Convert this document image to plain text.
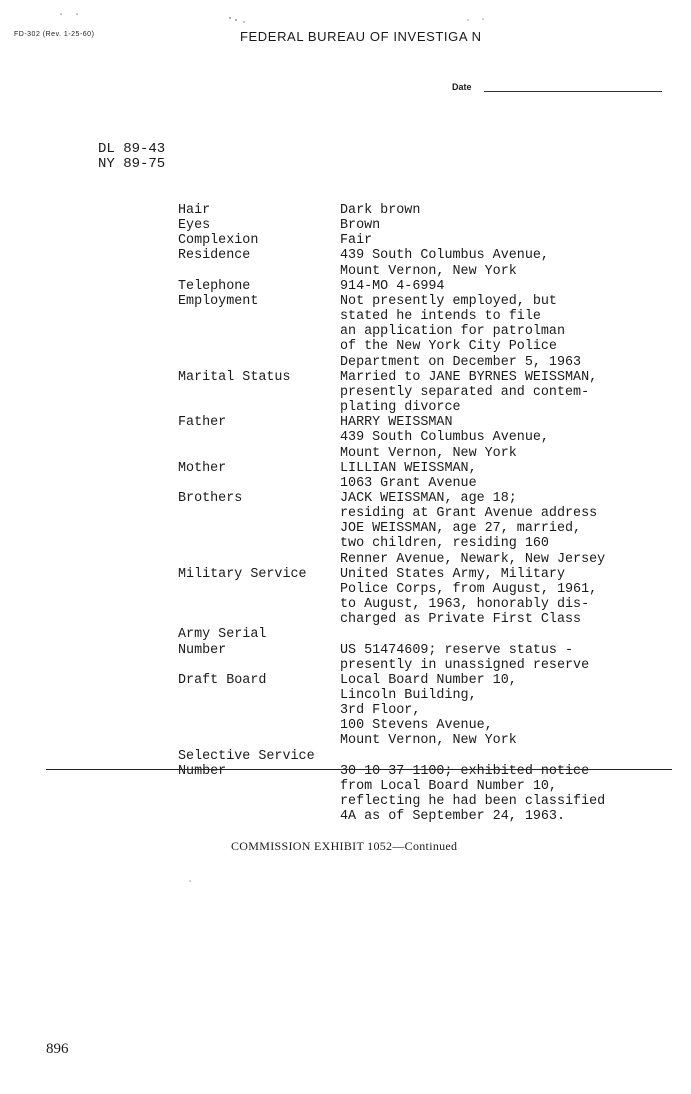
FD-302 (Rev. 1-25-60)	FEDERAL BUREAU OF INVESTIGA N
Date
DL 89-43
NY 89-75
Hair	Dark brown
Eyes	Brown
Complexion	Fair
Residence	439 South Columbus Avenue,
Mount Vernon, New York
Telephone	914-MO 4-6994
Employment	Not presently employed, but
stated he intends to file
an application for patrolman
of the New York City Police
Department on December 5, 1963
Marital Status	Married to JANE BYRNES WEISSMAN,
presently separated and contem-
plating divorce
Father	HARRY WEISSMAN
439 South Columbus Avenue,
Mount Vernon, New York
Mother	LILLIAN WEISSMAN,
1063 Grant Avenue
Brothers	JACK WEISSMAN, age 18;
residing at Grant Avenue address
JOE WEISSMAN, age 27, married,
two children, residing 160
Renner Avenue, Newark, New Jersey
Military Service	United States Army, Military
Police Corps, from August, 1961,
to August, 1963, honorably dis-
charged as Private First Class
Army Serial
Number
	US 51474609; reserve status -
presently in unassigned reserve
Draft Board	Local Board Number 10,
Lincoln Building,
3rd Floor,
100 Stevens Avenue,
Mount Vernon, New York
Selective Service
Number
	30 10 37 1100; exhibited notice
from Local Board Number 10,
reflecting he had been classified
4A as of September 24, 1963.
COMMISSION EXHIBIT 1052—Continued
896
